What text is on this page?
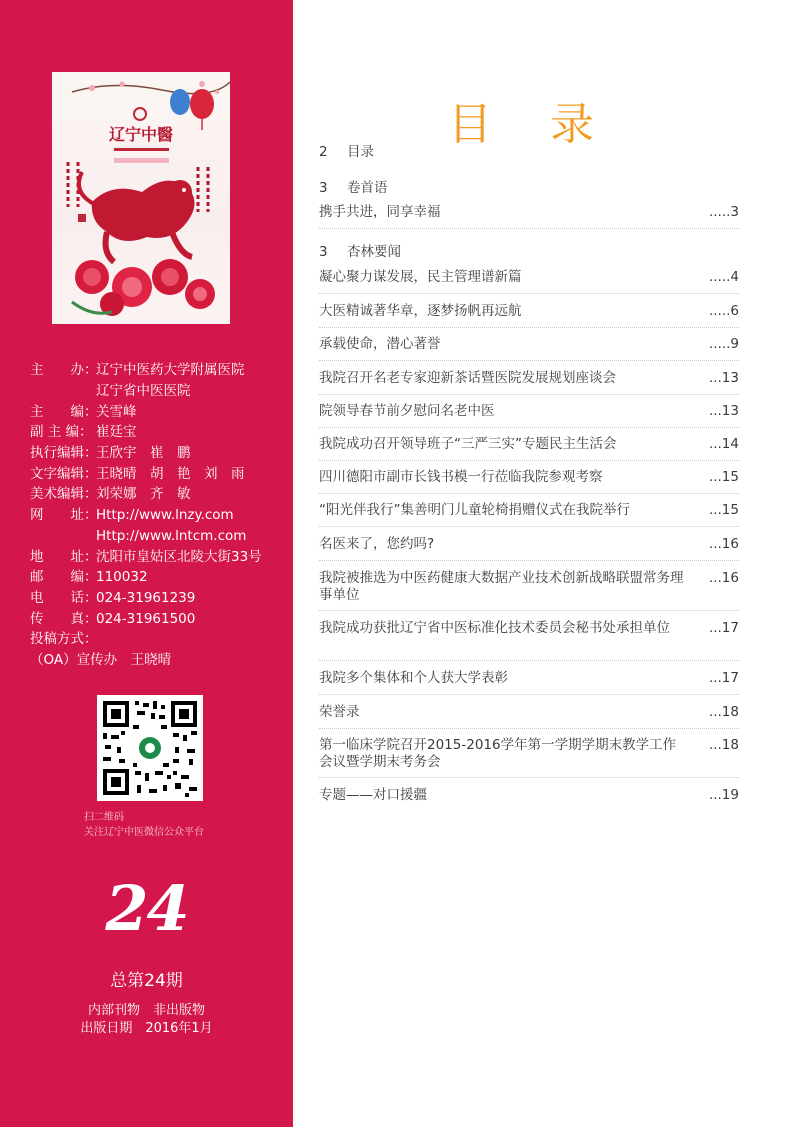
辽宁中醫
主　　办：
辽宁中医药大学附属医院
辽宁省中医医院
主　　编：
关雪峰
副 主 编： 崔廷宝
执行编辑：
王欣宇　崔　鹏
文字编辑：
王晓晴　胡　艳　刘　雨
美术编辑：
刘荣娜　齐　敏
网　　址：
Http://www.lnzy.com
Http://www.lntcm.com
地　　址：
沈阳市皇姑区北陵大街33号
邮　　编：
110032
电　　话：
024-31961239
传　　真：
024-31961500
投稿方式：
（OA）宣传办　王晓晴
扫二维码
关注辽宁中医微信公众平台
24
总第24期
内部刊物　非出版物
出版日期　2016年1月
目录
2 目录
3 卷首语
携手共进，同享幸福	.....3
3 杏林要闻
凝心聚力谋发展，民主管理谱新篇	.....4
大医精诚著华章，逐梦扬帆再远航	.....6
承载使命，潜心著誉	.....9
我院召开名老专家迎新茶话暨医院发展规划座谈会	...13
院领导春节前夕慰问名老中医	...13
我院成功召开领导班子“三严三实”专题民主生活会	...14
四川德阳市副市长钱书模一行莅临我院参观考察	...15
“阳光伴我行”集善明门儿童轮椅捐赠仪式在我院举行	...15
名医来了，您约吗?	...16
我院被推选为中医药健康大数据产业技术创新战略联盟常务理事单位
...16
我院成功获批辽宁省中医标准化技术委员会秘书处承担单位	...17
我院多个集体和个人获大学表彰	...17
荣誉录	...18
第一临床学院召开2015-2016学年第一学期学期末教学工作会议暨学期末考务会
...18
专题——对口援疆	...19
